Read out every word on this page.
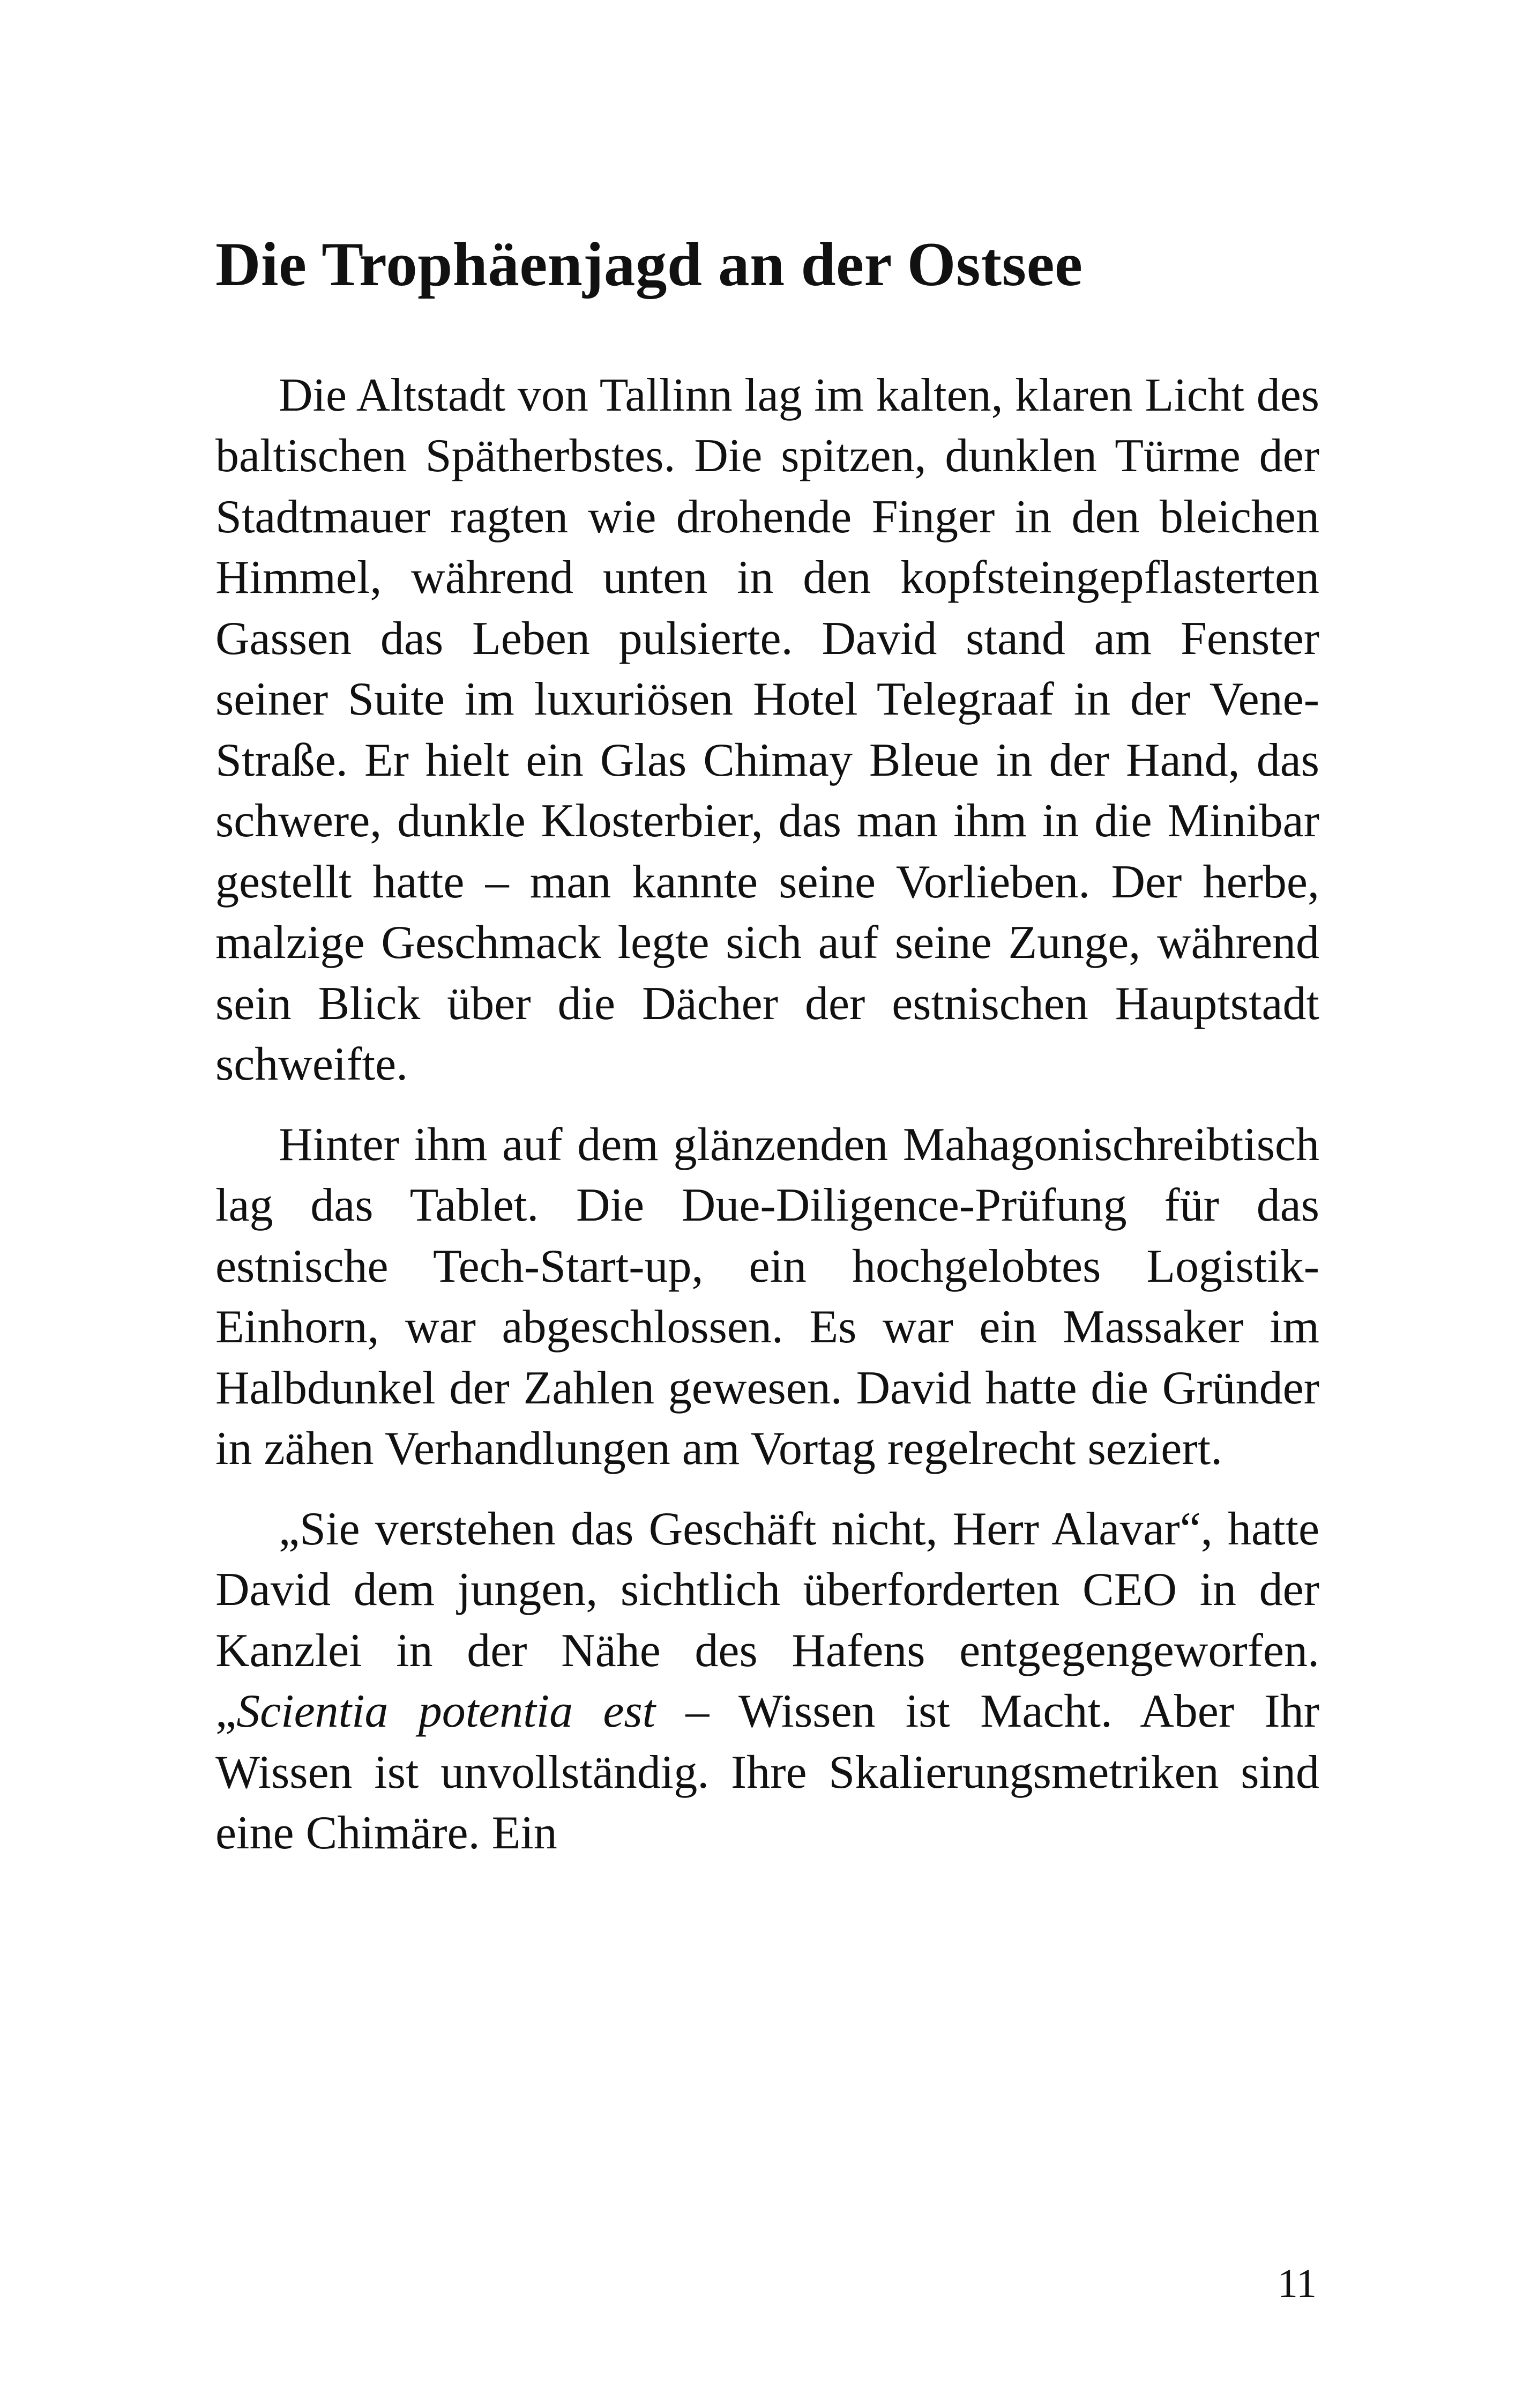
Die Trophäenjagd an der Ostsee

Die Altstadt von Tallinn lag im kalten, klaren Licht des baltischen Spätherbstes. Die spitzen, dunklen Türme der Stadtmauer ragten wie drohende Finger in den bleichen Himmel, während unten in den kopfsteingepflasterten Gassen das Leben pulsierte. David stand am Fenster seiner Suite im luxuriösen Hotel Telegraaf in der Vene-Straße. Er hielt ein Glas Chimay Bleue in der Hand, das schwere, dunkle Klosterbier, das man ihm in die Minibar gestellt hatte – man kannte seine Vorlieben. Der herbe, malzige Geschmack legte sich auf seine Zunge, während sein Blick über die Dächer der estnischen Hauptstadt schweifte.

Hinter ihm auf dem glänzenden Mahagonischreibtisch lag das Tablet. Die Due-Diligence-Prüfung für das estnische Tech-Start-up, ein hochgelobtes Logistik-Einhorn, war abgeschlossen. Es war ein Massaker im Halbdunkel der Zahlen gewesen. David hatte die Gründer in zähen Verhandlungen am Vortag regelrecht seziert.

„Sie verstehen das Geschäft nicht, Herr Alavar“, hatte David dem jungen, sichtlich überforderten CEO in der Kanzlei in der Nähe des Hafens entgegengeworfen. „Scientia potentia est – Wissen ist Macht. Aber Ihr Wissen ist unvollständig. Ihre Skalierungsmetriken sind eine Chimäre. Ein

11
